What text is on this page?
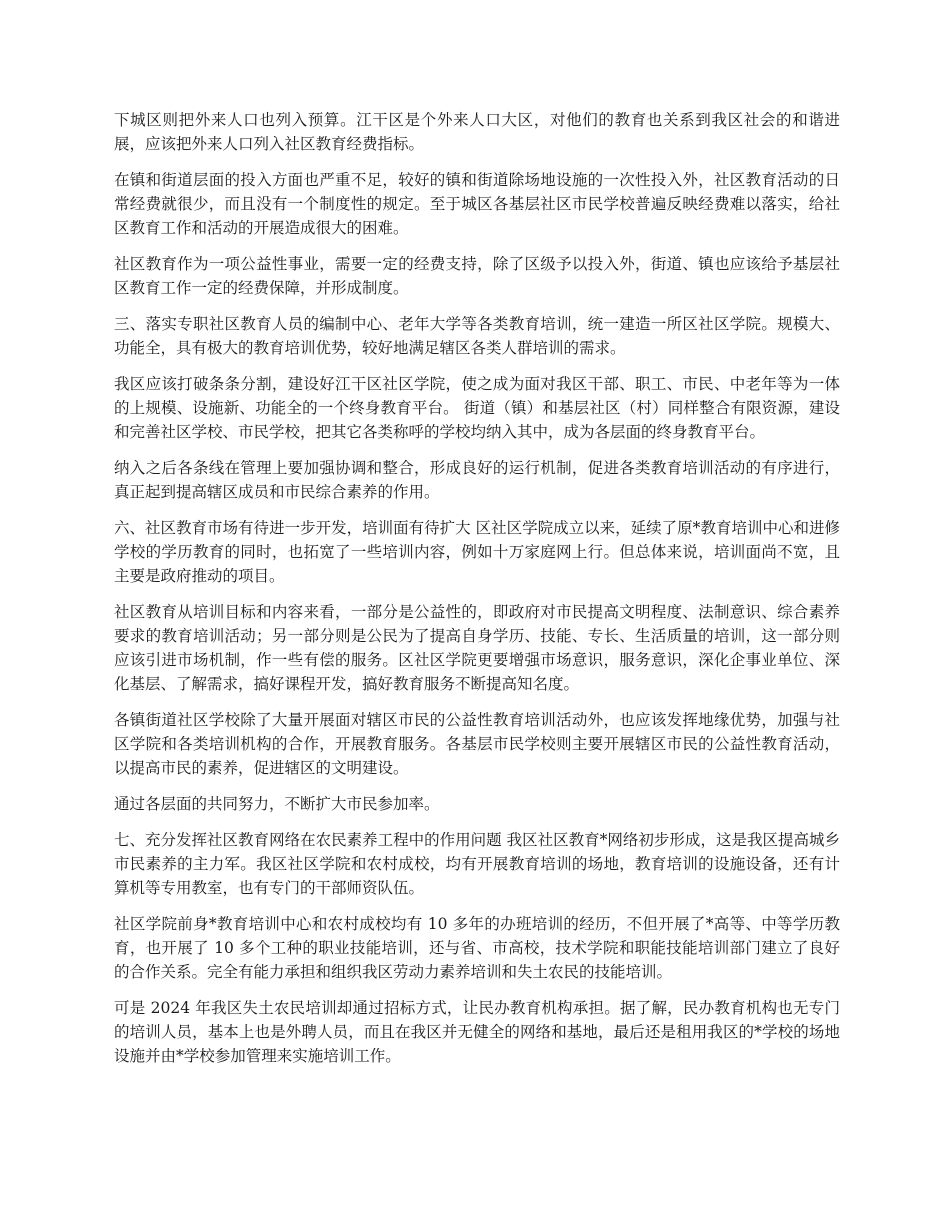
下城区则把外来人口也列入预算。江干区是个外来人口大区，对他们的教育也关系到我区社会的和谐进展，应该把外来人口列入社区教育经费指标。

在镇和街道层面的投入方面也严重不足，较好的镇和街道除场地设施的一次性投入外，社区教育活动的日常经费就很少，而且没有一个制度性的规定。至于城区各基层社区市民学校普遍反映经费难以落实，给社区教育工作和活动的开展造成很大的困难。

社区教育作为一项公益性事业，需要一定的经费支持，除了区级予以投入外，街道、镇也应该给予基层社区教育工作一定的经费保障，并形成制度。

三、落实专职社区教育人员的编制中心、老年大学等各类教育培训，统一建造一所区社区学院。规模大、功能全，具有极大的教育培训优势，较好地满足辖区各类人群培训的需求。

我区应该打破条条分割，建设好江干区社区学院，使之成为面对我区干部、职工、市民、中老年等为一体的上规模、设施新、功能全的一个终身教育平台。 街道（镇）和基层社区（村）同样整合有限资源，建设和完善社区学校、市民学校，把其它各类称呼的学校均纳入其中，成为各层面的终身教育平台。

纳入之后各条线在管理上要加强协调和整合，形成良好的运行机制，促进各类教育培训活动的有序进行，真正起到提高辖区成员和市民综合素养的作用。

六、社区教育市场有待进一步开发，培训面有待扩大 区社区学院成立以来，延续了原*教育培训中心和进修学校的学历教育的同时，也拓宽了一些培训内容，例如十万家庭网上行。但总体来说，培训面尚不宽，且主要是政府推动的项目。

社区教育从培训目标和内容来看，一部分是公益性的，即政府对市民提高文明程度、法制意识、综合素养要求的教育培训活动；另一部分则是公民为了提高自身学历、技能、专长、生活质量的培训，这一部分则应该引进市场机制，作一些有偿的服务。区社区学院更要增强市场意识，服务意识，深化企事业单位、深化基层、了解需求，搞好课程开发，搞好教育服务不断提高知名度。

各镇街道社区学校除了大量开展面对辖区市民的公益性教育培训活动外，也应该发挥地缘优势，加强与社区学院和各类培训机构的合作，开展教育服务。各基层市民学校则主要开展辖区市民的公益性教育活动，以提高市民的素养，促进辖区的文明建设。

通过各层面的共同努力，不断扩大市民参加率。

七、充分发挥社区教育网络在农民素养工程中的作用问题 我区社区教育*网络初步形成，这是我区提高城乡市民素养的主力军。我区社区学院和农村成校，均有开展教育培训的场地，教育培训的设施设备，还有计算机等专用教室，也有专门的干部师资队伍。

社区学院前身*教育培训中心和农村成校均有 10 多年的办班培训的经历，不但开展了*高等、中等学历教育，也开展了 10 多个工种的职业技能培训，还与省、市高校，技术学院和职能技能培训部门建立了良好的合作关系。完全有能力承担和组织我区劳动力素养培训和失土农民的技能培训。

可是 2024 年我区失土农民培训却通过招标方式，让民办教育机构承担。据了解，民办教育机构也无专门的培训人员，基本上也是外聘人员，而且在我区并无健全的网络和基地，最后还是租用我区的*学校的场地设施并由*学校参加管理来实施培训工作。
